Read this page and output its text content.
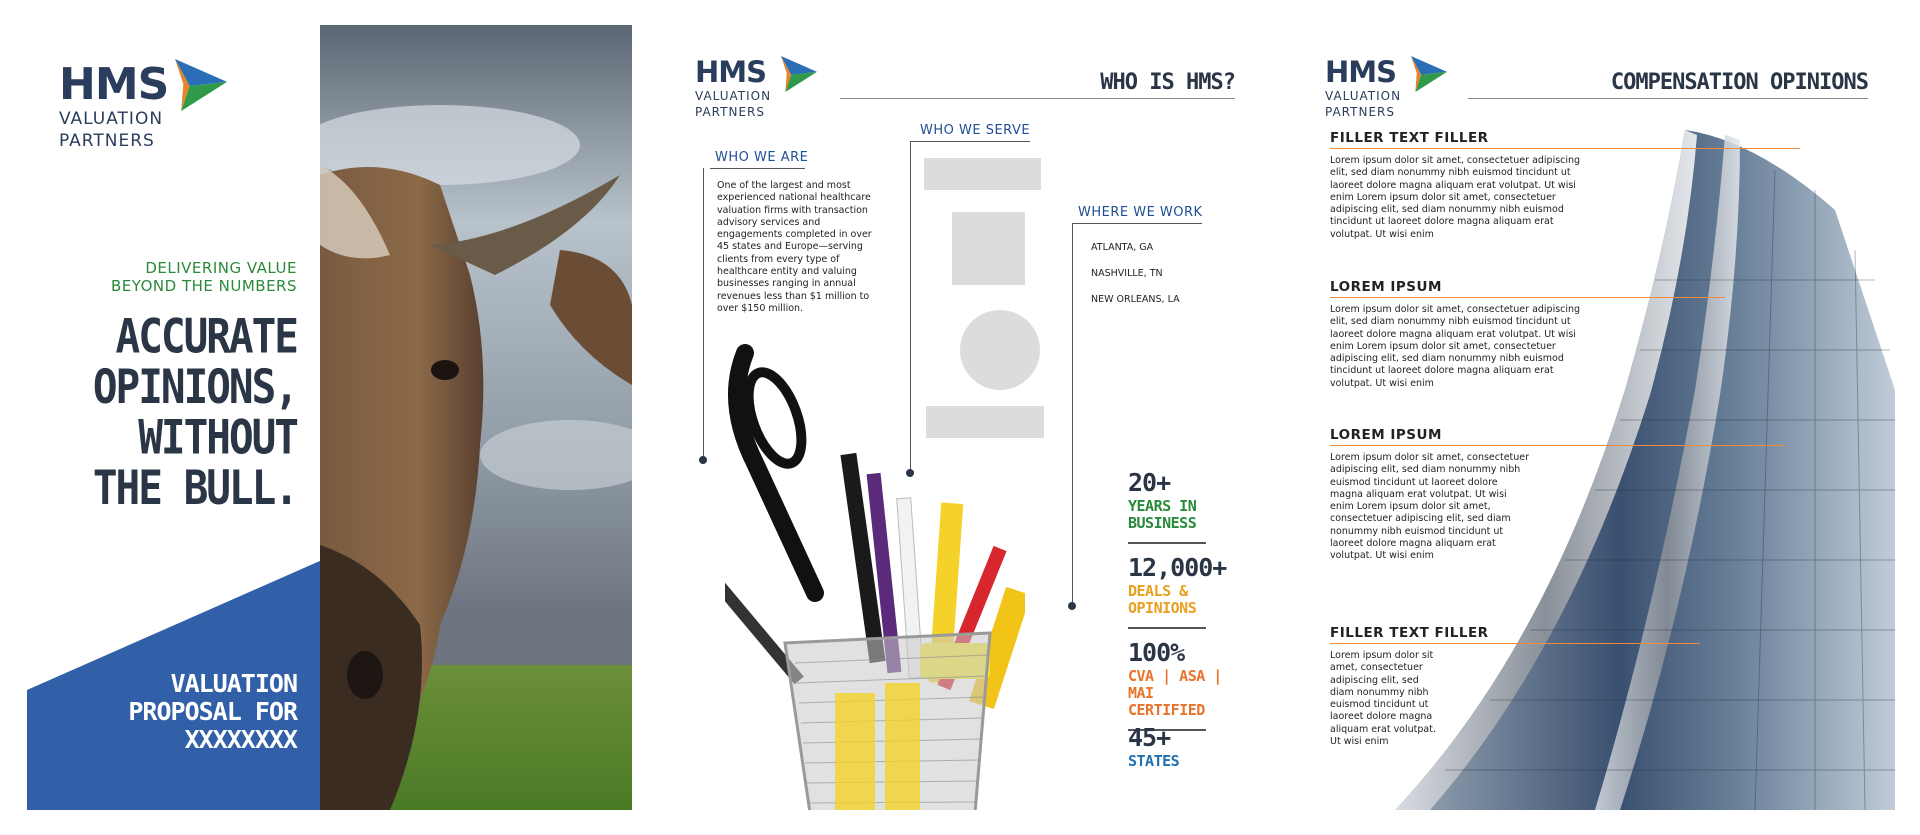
HMS
VALUATION
PARTNERS
DELIVERING VALUE
BEYOND THE NUMBERS
ACCURATE
OPINIONS,
WITHOUT
THE BULL.
VALUATION
PROPOSAL FOR
XXXXXXXX
HMS
VALUATION
PARTNERS
WHO IS HMS?
WHO WE ARE
One of the largest and most
experienced national healthcare
valuation firms with transaction
advisory services and
engagements completed in over
45 states and Europe—serving
clients from every type of
healthcare entity and valuing
businesses ranging in annual
revenues less than $1 million to
over $150 million.
WHO WE SERVE
WHERE WE WORK
ATLANTA, GA
NASHVILLE, TN
NEW ORLEANS, LA
20+
YEARS IN
BUSINESS
12,000+
DEALS &
OPINIONS
100%
CVA | ASA | MAI
CERTIFIED
45+
STATES
HMS
VALUATION
PARTNERS
COMPENSATION OPINIONS
FILLER TEXT FILLER
Lorem ipsum dolor sit amet, consectetuer adipiscing
elit, sed diam nonummy nibh euismod tincidunt ut
laoreet dolore magna aliquam erat volutpat. Ut wisi
enim Lorem ipsum dolor sit amet, consectetuer
adipiscing elit, sed diam nonummy nibh euismod
tincidunt ut laoreet dolore magna aliquam erat
volutpat. Ut wisi enim
LOREM IPSUM
Lorem ipsum dolor sit amet, consectetuer adipiscing
elit, sed diam nonummy nibh euismod tincidunt ut
laoreet dolore magna aliquam erat volutpat. Ut wisi
enim Lorem ipsum dolor sit amet, consectetuer
adipiscing elit, sed diam nonummy nibh euismod
tincidunt ut laoreet dolore magna aliquam erat
volutpat. Ut wisi enim
LOREM IPSUM
Lorem ipsum dolor sit amet, consectetuer
adipiscing elit, sed diam nonummy nibh
euismod tincidunt ut laoreet dolore
magna aliquam erat volutpat. Ut wisi
enim Lorem ipsum dolor sit amet,
consectetuer adipiscing elit, sed diam
nonummy nibh euismod tincidunt ut
laoreet dolore magna aliquam erat
volutpat. Ut wisi enim
FILLER TEXT FILLER
Lorem ipsum dolor sit
amet, consectetuer
adipiscing elit, sed
diam nonummy nibh
euismod tincidunt ut
laoreet dolore magna
aliquam erat volutpat.
Ut wisi enim
